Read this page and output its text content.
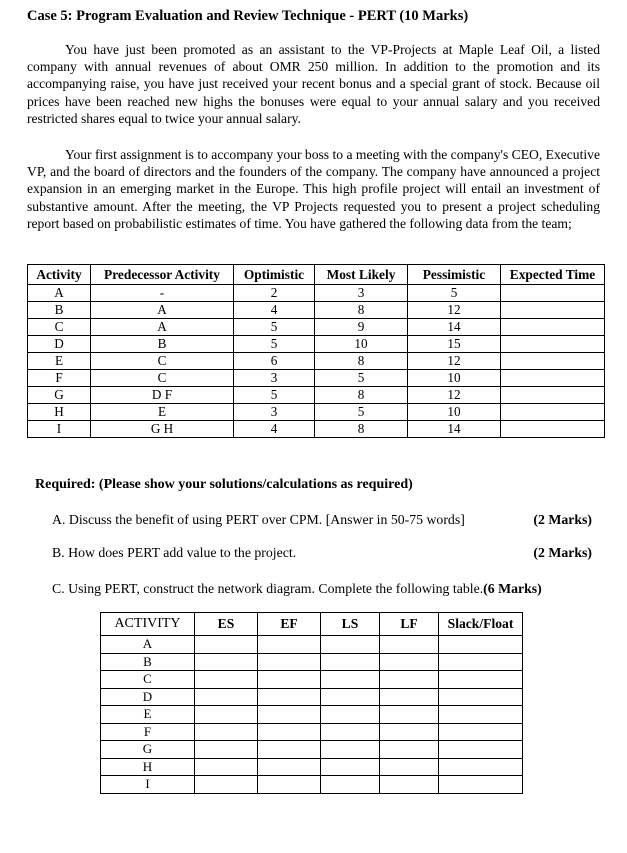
Case 5: Program Evaluation and Review Technique - PERT (10 Marks)

You have just been promoted as an assistant to the VP-Projects at Maple Leaf Oil, a listed company with annual revenues of about OMR 250 million. In addition to the promotion and its accompanying raise, you have just received your recent bonus and a special grant of stock. Because oil prices have been reached new highs the bonuses were equal to your annual salary and you received restricted shares equal to twice your annual salary.

Your first assignment is to accompany your boss to a meeting with the company's CEO, Executive VP, and the board of directors and the founders of the company. The company have announced a project expansion in an emerging market in the Europe. This high profile project will entail an investment of substantive amount. After the meeting, the VP Projects requested you to present a project scheduling report based on probabilistic estimates of time. You have gathered the following data from the team;

Activity	Predecessor Activity	Optimistic	Most Likely	Pessimistic	Expected Time
A	-	2	3	5	
B	A	4	8	12	
C	A	5	9	14	
D	B	5	10	15	
E	C	6	8	12	
F	C	3	5	10	
G	D F	5	8	12	
H	E	3	5	10	
I	G H	4	8	14	
Required: (Please show your solutions/calculations as required)
A. Discuss the benefit of using PERT over CPM. [Answer in 50-75 words]	(2 Marks)
B. How does PERT add value to the project.	(2 Marks)
C. Using PERT, construct the network diagram. Complete the following table.(6 Marks)
ACTIVITY	ES	EF	LS	LF	Slack/Float
A					
B					
C					
D					
E					
F					
G					
H					
I					
